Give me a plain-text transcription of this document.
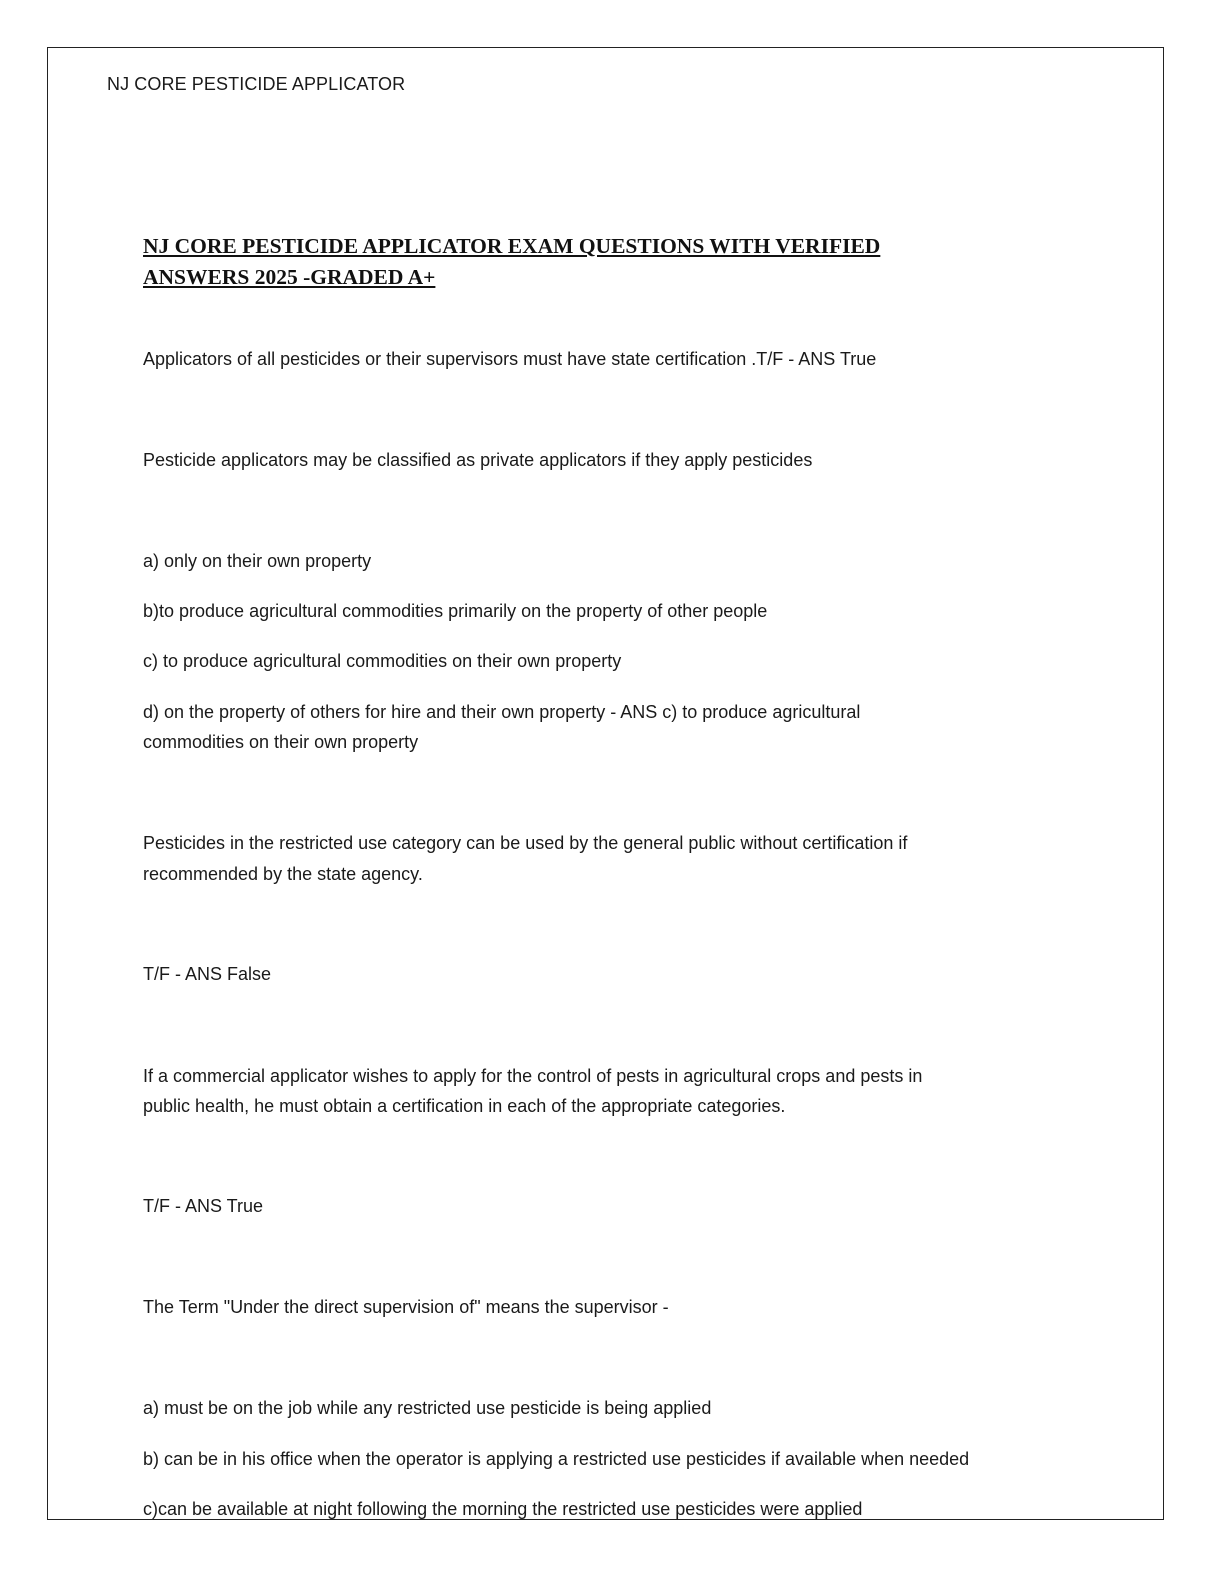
NJ CORE PESTICIDE APPLICATOR
NJ CORE PESTICIDE APPLICATOR EXAM QUESTIONS WITH VERIFIED
ANSWERS 2025 -GRADED A+
Applicators of all pesticides or their supervisors must have state certification .T/F - ANS True
Pesticide applicators may be classified as private applicators if they apply pesticides
a) only on their own property
b)to produce agricultural commodities primarily on the property of other people
c) to produce agricultural commodities on their own property
d) on the property of others for hire and their own property - ANS c) to produce agricultural
commodities on their own property
Pesticides in the restricted use category can be used by the general public without certification if
recommended by the state agency.
T/F - ANS False
If a commercial applicator wishes to apply for the control of pests in agricultural crops and pests in
public health, he must obtain a certification in each of the appropriate categories.
T/F - ANS True
The Term "Under the direct supervision of" means the supervisor -
a) must be on the job while any restricted use pesticide is being applied
b) can be in his office when the operator is applying a restricted use pesticides if available when needed
c)can be available at night following the morning the restricted use pesticides were applied
